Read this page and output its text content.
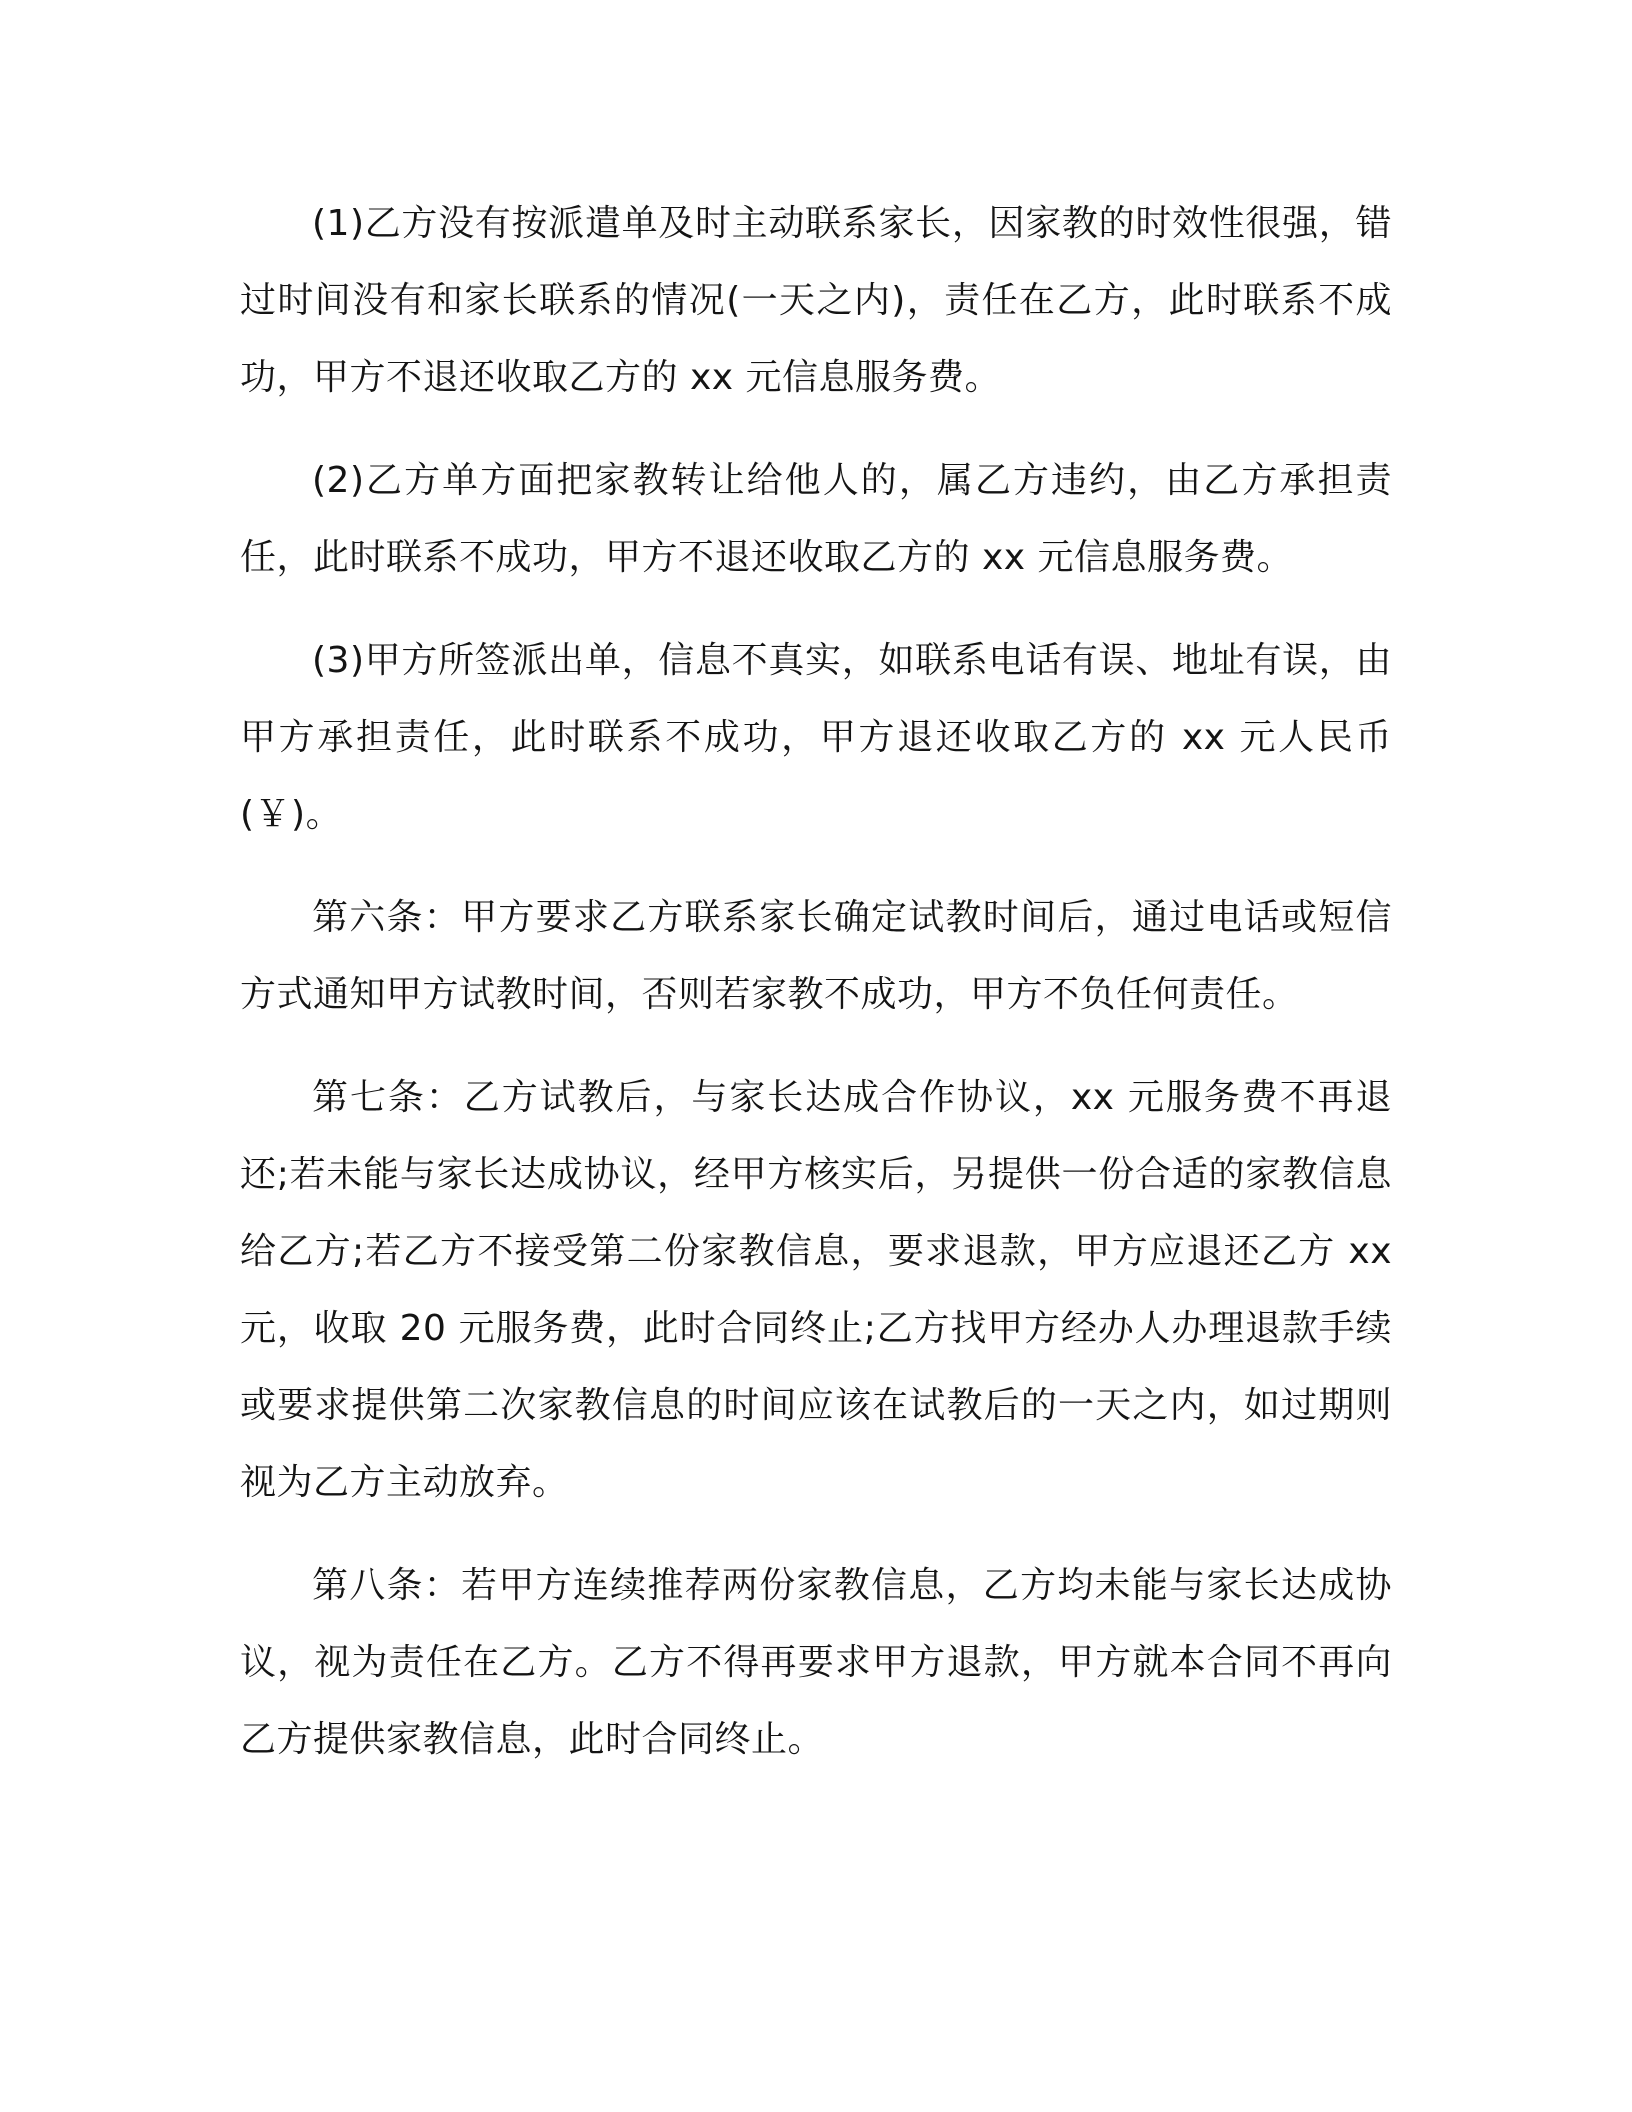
(1)乙方没有按派遣单及时主动联系家长，因家教的时效性很强，错过时间没有和家长联系的情况(一天之内)，责任在乙方，此时联系不成功，甲方不退还收取乙方的 xx 元信息服务费。

(2)乙方单方面把家教转让给他人的，属乙方违约，由乙方承担责任，此时联系不成功，甲方不退还收取乙方的 xx 元信息服务费。

(3)甲方所签派出单，信息不真实，如联系电话有误、地址有误，由甲方承担责任，此时联系不成功，甲方退还收取乙方的 xx 元人民币(￥)。

第六条：甲方要求乙方联系家长确定试教时间后，通过电话或短信方式通知甲方试教时间，否则若家教不成功，甲方不负任何责任。

第七条：乙方试教后，与家长达成合作协议，xx 元服务费不再退还;若未能与家长达成协议，经甲方核实后，另提供一份合适的家教信息给乙方;若乙方不接受第二份家教信息，要求退款，甲方应退还乙方 xx 元，收取 20 元服务费，此时合同终止;乙方找甲方经办人办理退款手续或要求提供第二次家教信息的时间应该在试教后的一天之内，如过期则视为乙方主动放弃。

第八条：若甲方连续推荐两份家教信息，乙方均未能与家长达成协议，视为责任在乙方。乙方不得再要求甲方退款，甲方就本合同不再向乙方提供家教信息，此时合同终止。
